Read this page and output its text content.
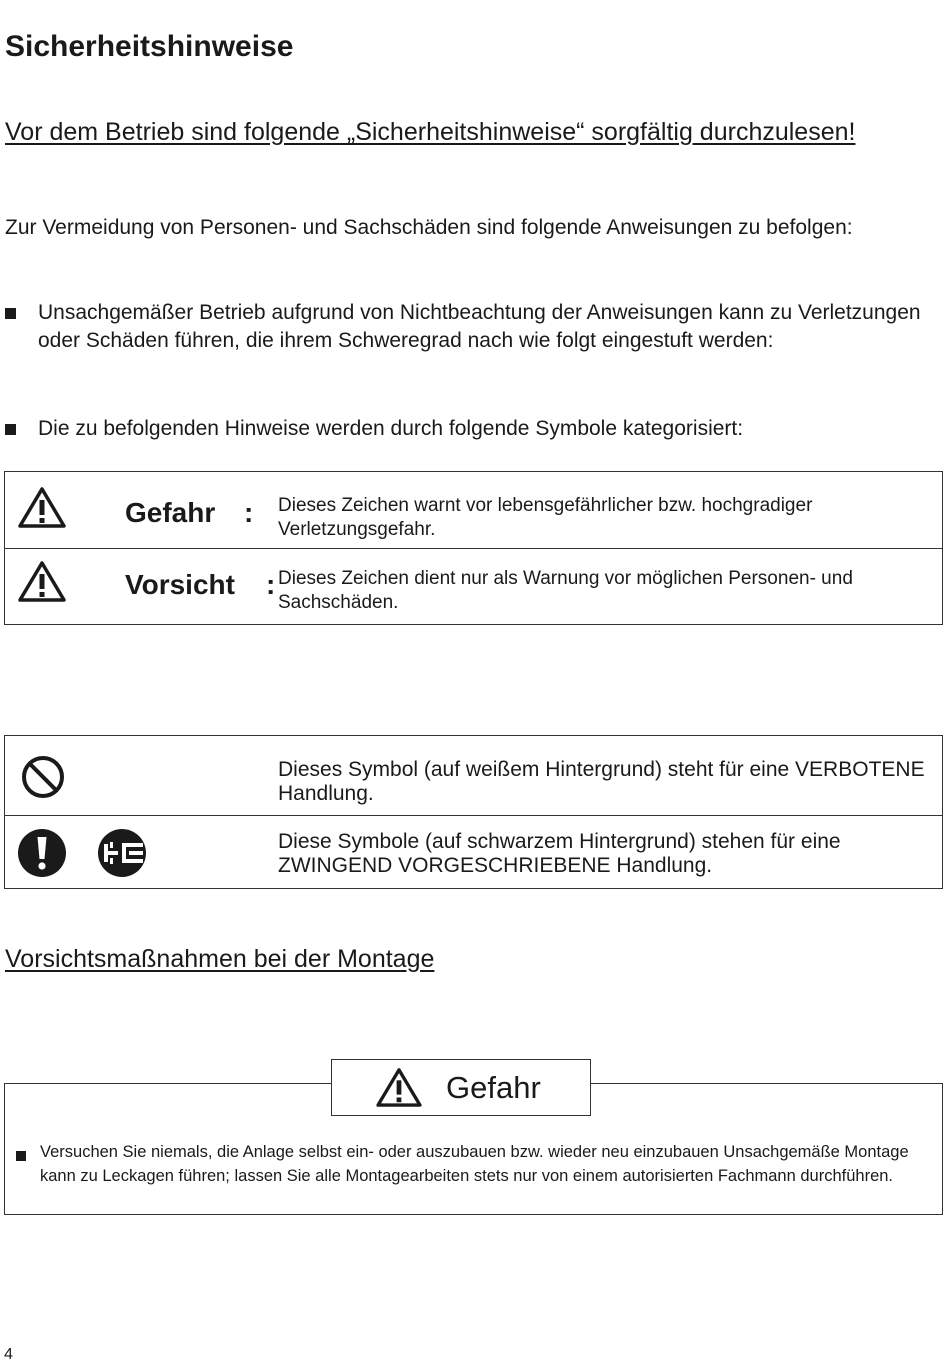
Sicherheitshinweise
Vor dem Betrieb sind folgende „Sicherheitshinweise“ sorgfältig durchzulesen!
Zur Vermeidung von Personen- und Sachschäden sind folgende Anweisungen zu befolgen:
Unsachgemäßer Betrieb aufgrund von Nichtbeachtung der Anweisungen kann zu Verletzungen oder Schäden führen, die ihrem Schweregrad nach wie folgt eingestuft werden:
Die zu befolgenden Hinweise werden durch folgende Symbole kategorisiert:
Gefahr : Dieses Zeichen warnt vor lebensgefährlicher bzw. hochgradiger Verletzungsgefahr.
Vorsicht : Dieses Zeichen dient nur als Warnung vor möglichen Personen- und Sachschäden.
Dieses Symbol (auf weißem Hintergrund) steht für eine VERBOTENE Handlung.
Diese Symbole (auf schwarzem Hintergrund) stehen für eine ZWINGEND VORGESCHRIEBENE Handlung.
Vorsichtsmaßnahmen bei der Montage
Gefahr
Versuchen Sie niemals, die Anlage selbst ein- oder auszubauen bzw. wieder neu einzubauen Unsachgemäße Montage kann zu Leckagen führen; lassen Sie alle Montagearbeiten stets nur von einem autorisierten Fachmann durchführen.
4
